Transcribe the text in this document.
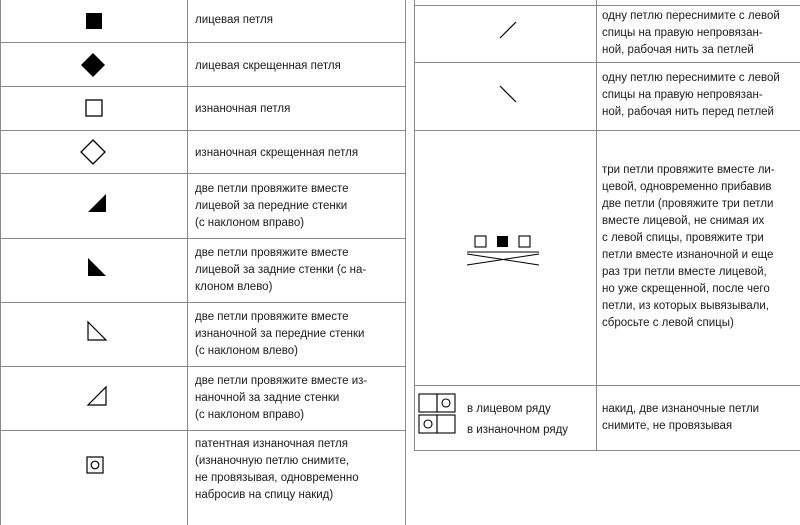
лицевая петля
лицевая скрещенная петля
изнаночная петля
изнаночная скрещенная петля
две петли провяжите вместе
лицевой за передние стенки
(с наклоном вправо)
две петли провяжите вместе
лицевой за задние стенки (с на-
клоном влево)
две петли провяжите вместе
изнаночной за передние стенки
(с наклоном влево)
две петли провяжите вместе из-
наночной за задние стенки
(с наклоном вправо)
патентная изнаночная петля
(изнаночную петлю снимите,
не провязывая, одновременно
набросив на спицу накид)
одну петлю переснимите с левой
спицы на правую непровязан-
ной, рабочая нить за петлей
одну петлю переснимите с левой
спицы на правую непровязан-
ной, рабочая нить перед петлей
три петли провяжите вместе ли-
цевой, одновременно прибавив
две петли (провяжите три петли
вместе лицевой, не снимая их
с левой спицы, провяжите три
петли вместе изнаночной и еще
раз три петли вместе лицевой,
но уже скрещенной, после чего
петли, из которых вывязывали,
сбросьте с левой спицы)
в лицевом ряду
в изнаночном ряду
накид, две изнаночные петли
снимите, не провязывая
